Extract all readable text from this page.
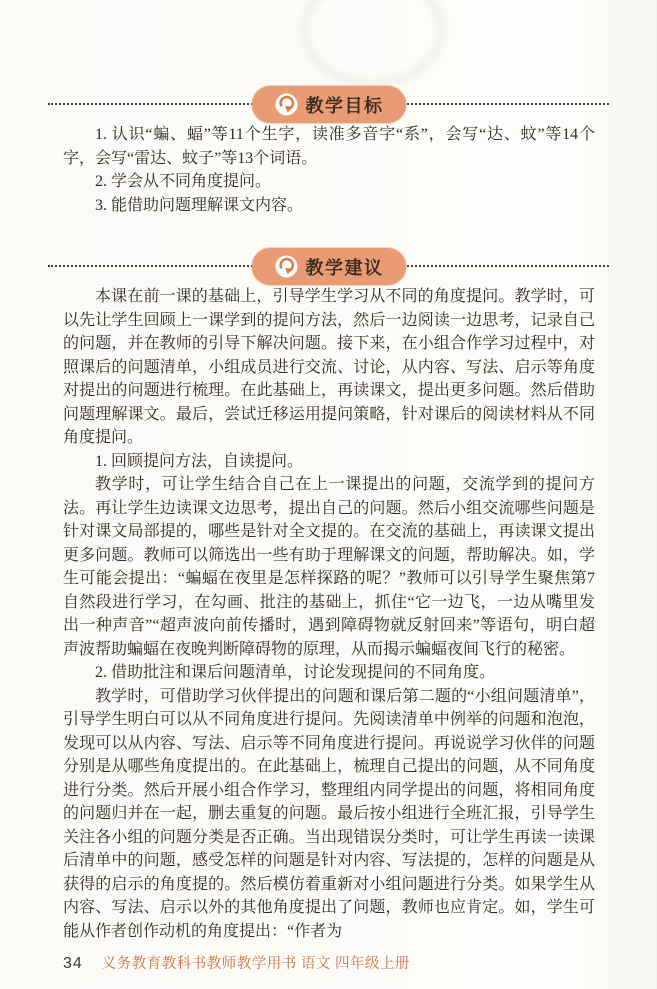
教学目标

1. 认识“蝙、蝠”等11个生字，读准多音字“系”，会写“达、蚊”等14个字，会写“雷达、蚊子”等13个词语。

2. 学会从不同角度提问。

3. 能借助问题理解课文内容。

教学建议

本课在前一课的基础上，引导学生学习从不同的角度提问。教学时，可以先让学生回顾上一课学到的提问方法，然后一边阅读一边思考，记录自己的问题，并在教师的引导下解决问题。接下来，在小组合作学习过程中，对照课后的问题清单，小组成员进行交流、讨论，从内容、写法、启示等角度对提出的问题进行梳理。在此基础上，再读课文，提出更多问题。然后借助问题理解课文。最后，尝试迁移运用提问策略，针对课后的阅读材料从不同角度提问。

1. 回顾提问方法，自读提问。

教学时，可让学生结合自己在上一课提出的问题，交流学到的提问方法。再让学生边读课文边思考，提出自己的问题。然后小组交流哪些问题是针对课文局部提的，哪些是针对全文提的。在交流的基础上，再读课文提出更多问题。教师可以筛选出一些有助于理解课文的问题，帮助解决。如，学生可能会提出：“蝙蝠在夜里是怎样探路的呢？”教师可以引导学生聚焦第7自然段进行学习，在勾画、批注的基础上，抓住“它一边飞，一边从嘴里发出一种声音”“超声波向前传播时，遇到障碍物就反射回来”等语句，明白超声波帮助蝙蝠在夜晚判断障碍物的原理，从而揭示蝙蝠夜间飞行的秘密。

2. 借助批注和课后问题清单，讨论发现提问的不同角度。

教学时，可借助学习伙伴提出的问题和课后第二题的“小组问题清单”，引导学生明白可以从不同角度进行提问。先阅读清单中例举的问题和泡泡，发现可以从内容、写法、启示等不同角度进行提问。再说说学习伙伴的问题分别是从哪些角度提出的。在此基础上，梳理自己提出的问题，从不同角度进行分类。然后开展小组合作学习，整理组内同学提出的问题，将相同角度的问题归并在一起，删去重复的问题。最后按小组进行全班汇报，引导学生关注各小组的问题分类是否正确。当出现错误分类时，可让学生再读一读课后清单中的问题，感受怎样的问题是针对内容、写法提的，怎样的问题是从获得的启示的角度提的。然后模仿着重新对小组问题进行分类。如果学生从内容、写法、启示以外的其他角度提出了问题，教师也应肯定。如，学生可能从作者创作动机的角度提出：“作者为

34 义务教育教科书教师教学用书 语文 四年级上册
